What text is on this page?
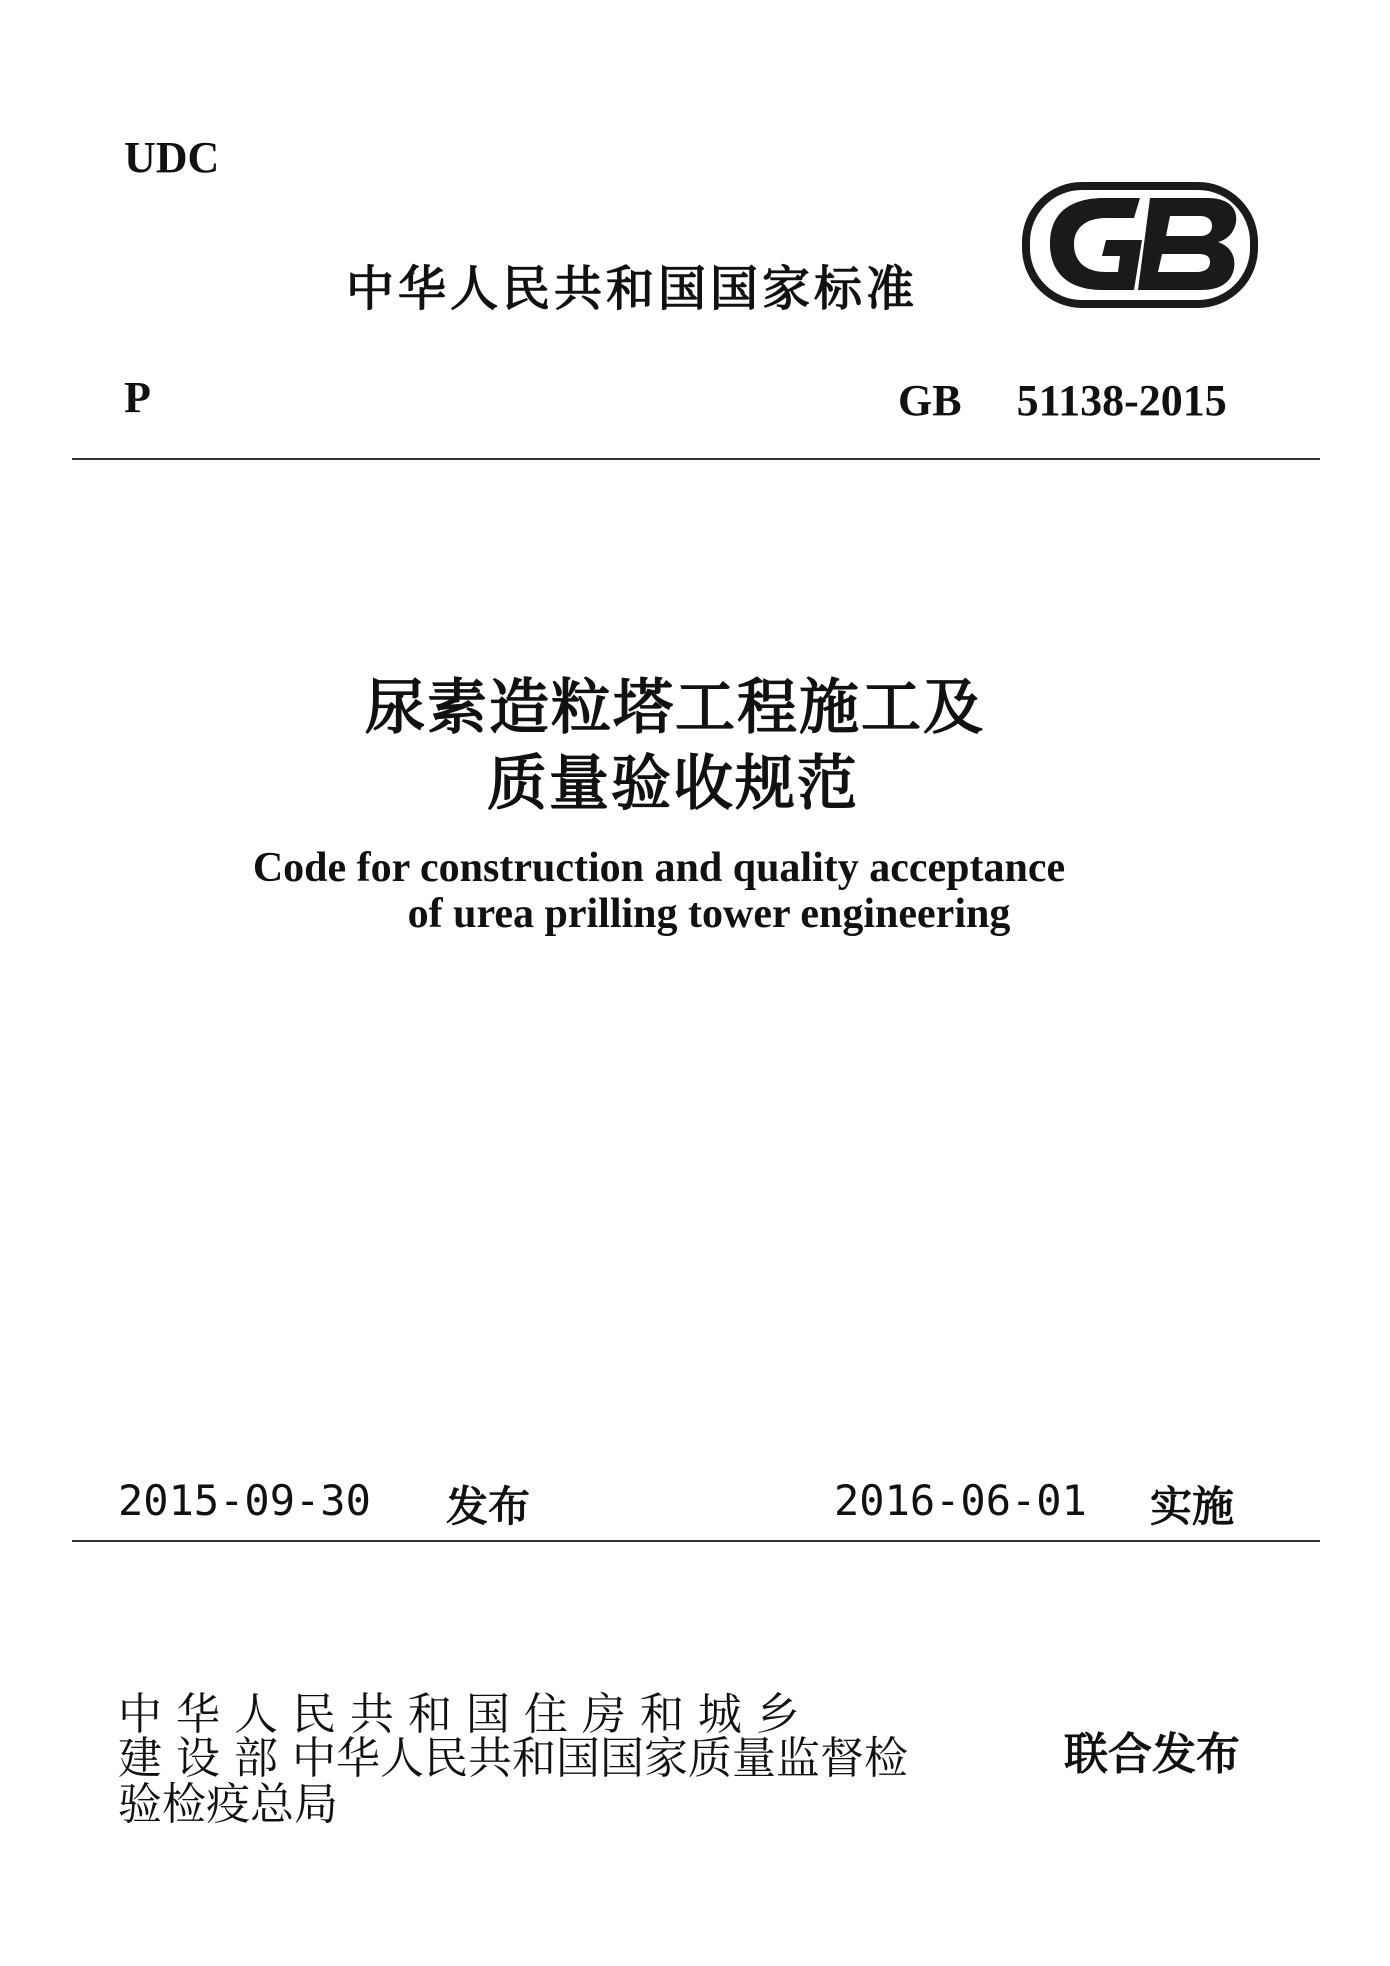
UDC
中华人民共和国国家标准
P	GB     51138-2015
尿素造粒塔工程施工及
质量验收规范
Code for construction and quality acceptance
of urea prilling tower engineering
2015-09-30 发布	2016-06-01 实施
中 华 人 民 共 和 国 住 房 和 城 乡
建 设 部 中华人民共和国国家质量监督检
验检疫总局
联合发布
